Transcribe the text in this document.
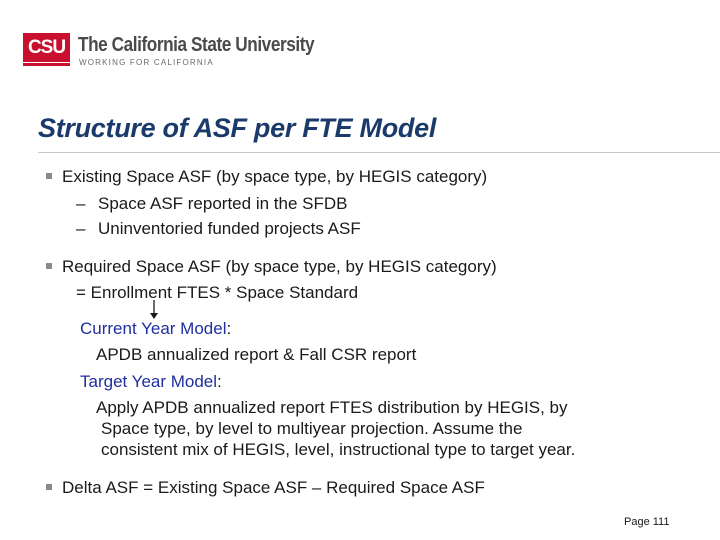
CSU The California State University
WORKING FOR CALIFORNIA
Structure of ASF per FTE Model
Existing Space ASF (by space type, by HEGIS category)
– Space ASF reported in the SFDB
– Uninventoried funded projects ASF
Required Space ASF (by space type, by HEGIS category)
= Enrollment FTES * Space Standard
Current Year Model:
APDB annualized report & Fall CSR report
Target Year Model:
Apply APDB annualized report FTES distribution by HEGIS, by
Space type, by level to multiyear projection. Assume the
consistent mix of HEGIS, level, instructional type to target year.
Delta ASF = Existing Space ASF – Required Space ASF
Page 111
